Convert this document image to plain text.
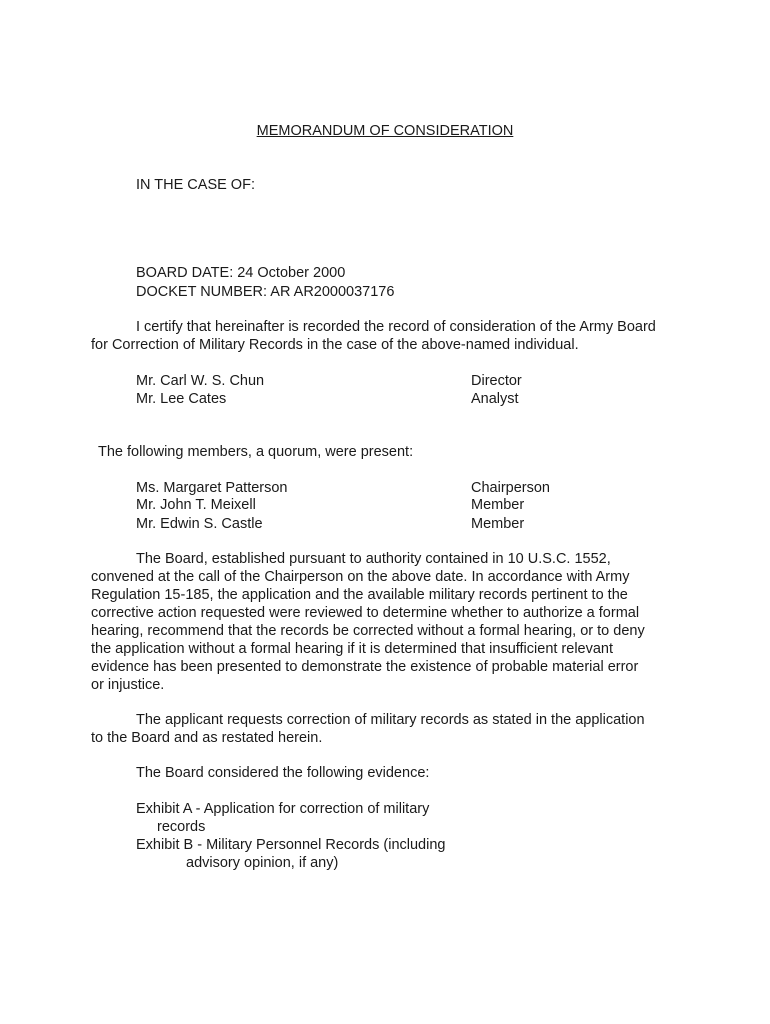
MEMORANDUM OF CONSIDERATION
IN THE CASE OF:
BOARD DATE: 24 October 2000
DOCKET NUMBER: AR AR2000037176
I certify that hereinafter is recorded the record of consideration of the Army Board
for Correction of Military Records in the case of the above-named individual.
Mr. Carl W. S. Chun	Director
Mr. Lee Cates	Analyst
The following members, a quorum, were present:
Ms. Margaret Patterson	Chairperson
Mr. John T. Meixell	Member
Mr. Edwin S. Castle	Member
The Board, established pursuant to authority contained in 10 U.S.C. 1552,
convened at the call of the Chairperson on the above date. In accordance with Army
Regulation 15-185, the application and the available military records pertinent to the
corrective action requested were reviewed to determine whether to authorize a formal
hearing, recommend that the records be corrected without a formal hearing, or to deny
the application without a formal hearing if it is determined that insufficient relevant
evidence has been presented to demonstrate the existence of probable material error
or injustice.
The applicant requests correction of military records as stated in the application
to the Board and as restated herein.
The Board considered the following evidence:
Exhibit A - Application for correction of military
records
Exhibit B - Military Personnel Records (including
advisory opinion, if any)
